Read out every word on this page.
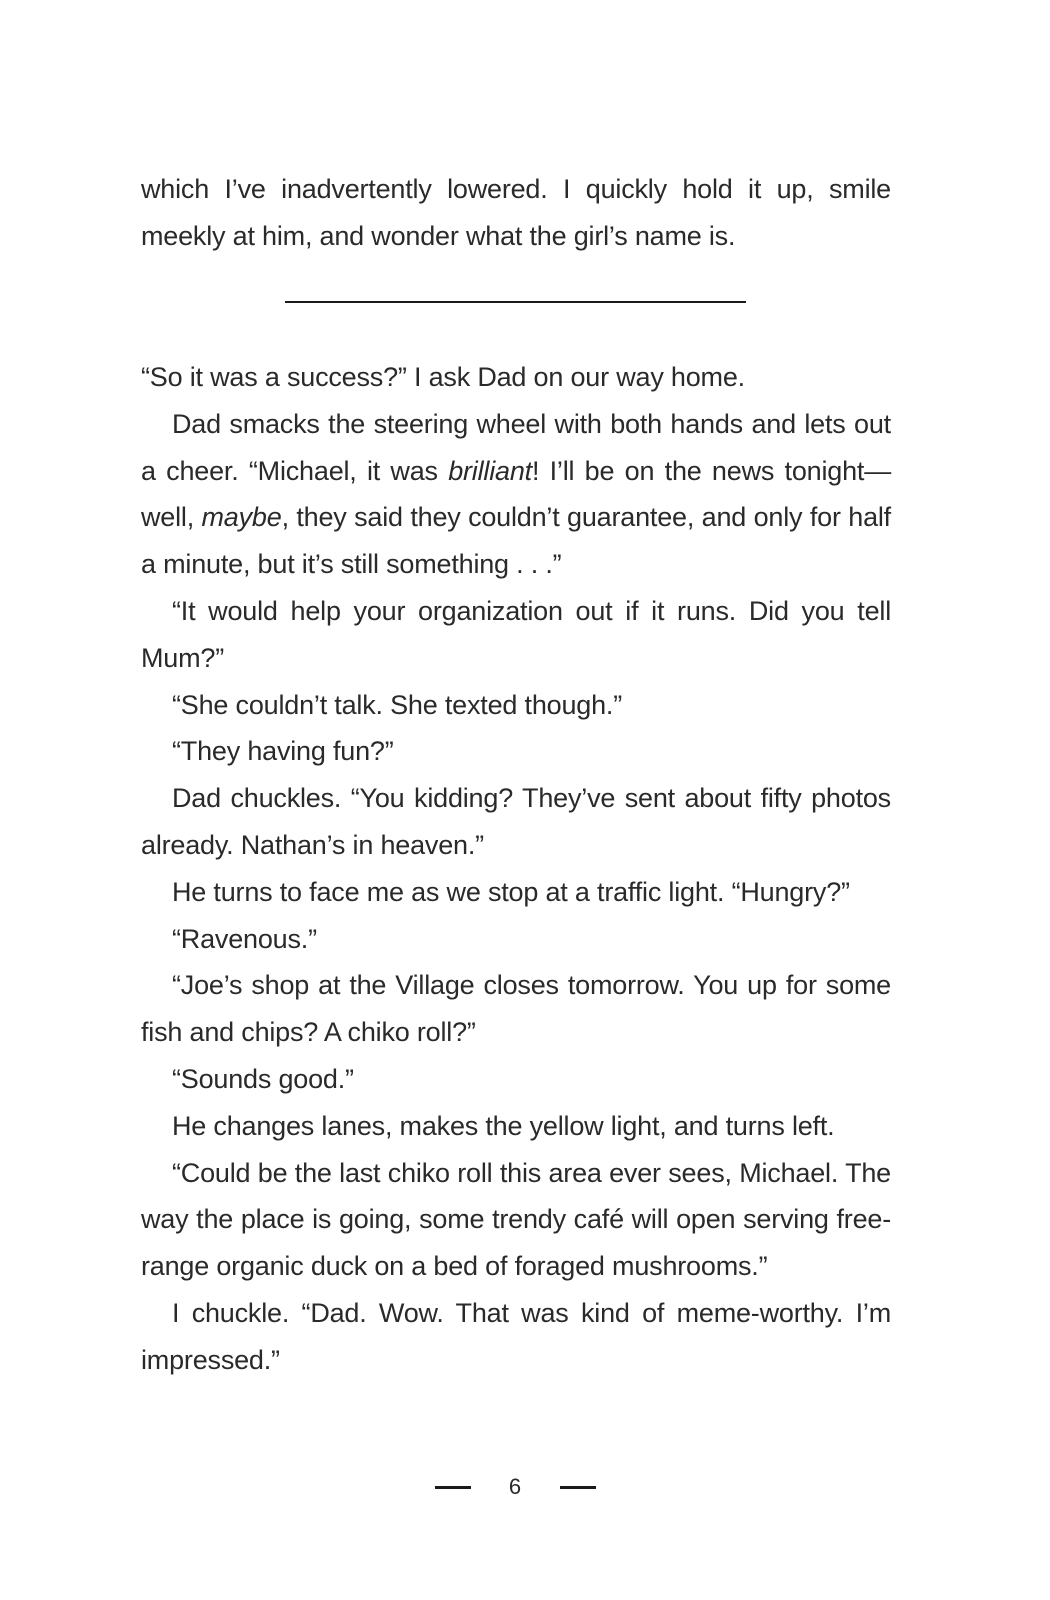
which I’ve inadvertently lowered. I quickly hold it up, smile meekly at him, and wonder what the girl’s name is.

“So it was a success?” I ask Dad on our way home.

Dad smacks the steering wheel with both hands and lets out a cheer. “Michael, it was brilliant! I’ll be on the news tonight—well, maybe, they said they couldn’t guarantee, and only for half a minute, but it’s still something . . .”

“It would help your organization out if it runs. Did you tell Mum?”

“She couldn’t talk. She texted though.”

“They having fun?”

Dad chuckles. “You kidding? They’ve sent about fifty photos already. Nathan’s in heaven.”

He turns to face me as we stop at a traffic light. “Hungry?”

“Ravenous.”

“Joe’s shop at the Village closes tomorrow. You up for some fish and chips? A chiko roll?”

“Sounds good.”

He changes lanes, makes the yellow light, and turns left.

“Could be the last chiko roll this area ever sees, Michael. The way the place is going, some trendy café will open serving free-range organic duck on a bed of foraged mushrooms.”

I chuckle. “Dad. Wow. That was kind of meme-worthy. I’m impressed.”

6
